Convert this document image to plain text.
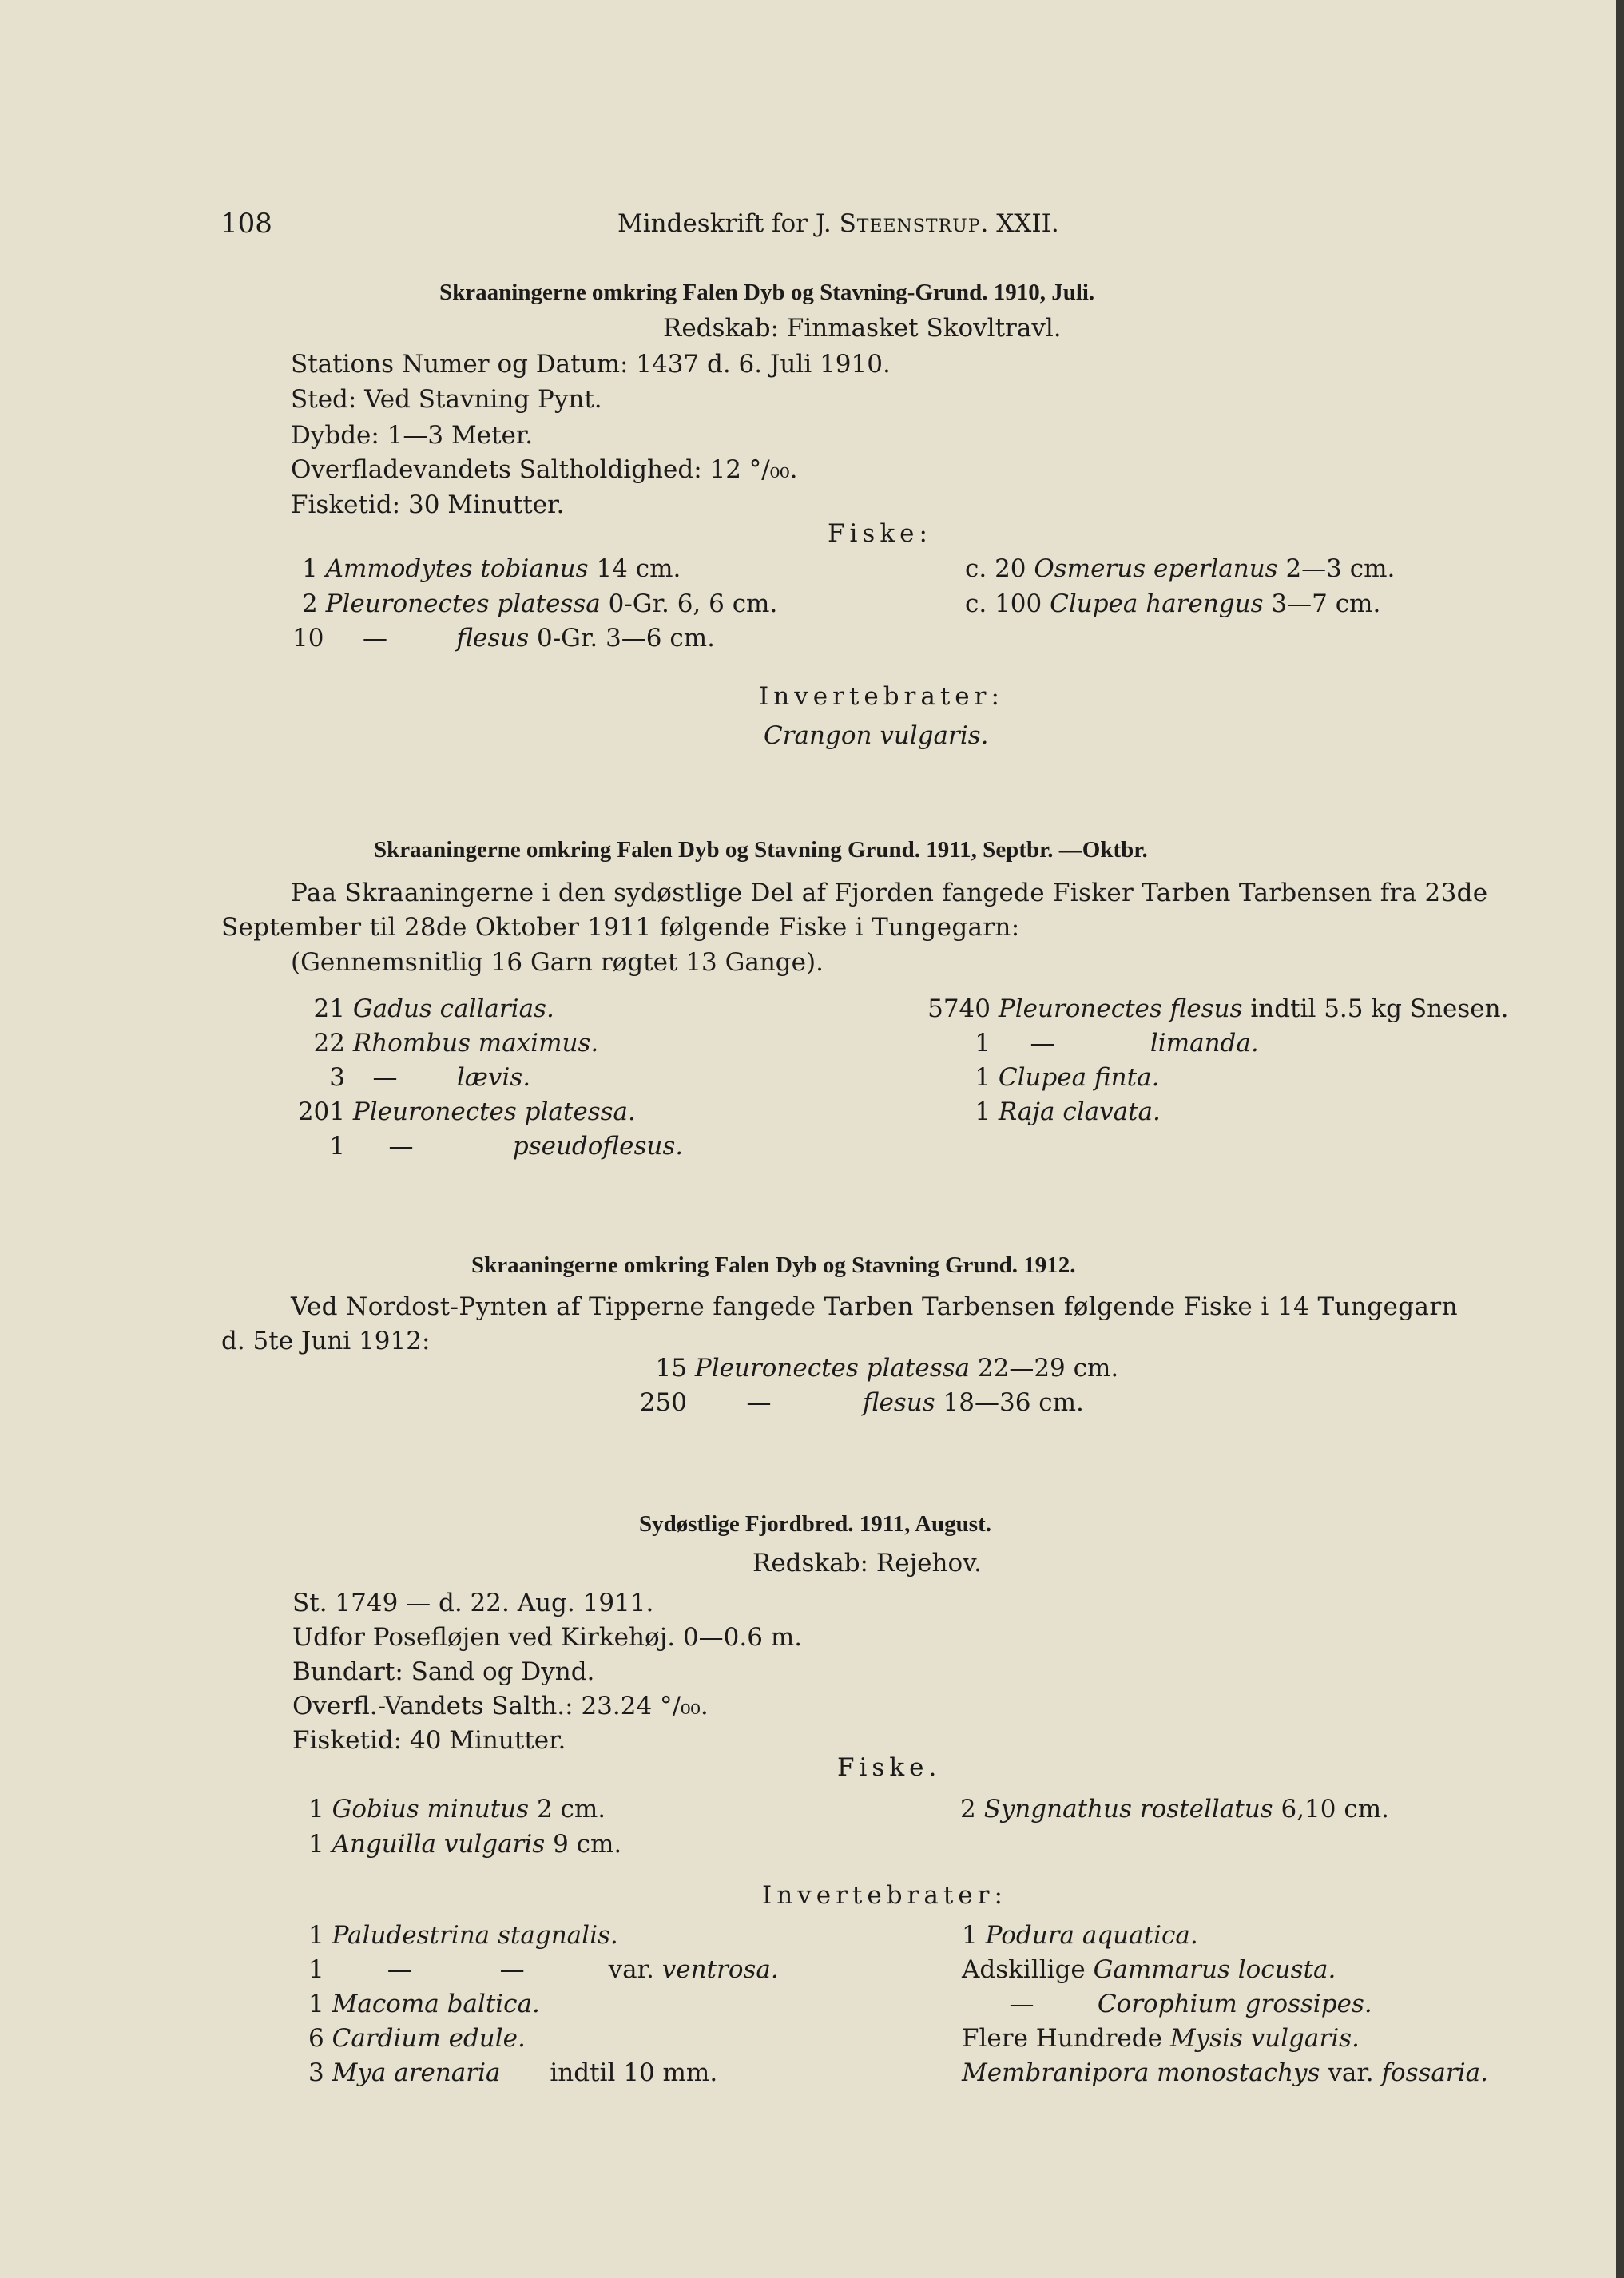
108	Mindeskrift for J. Steenstrup. XXII.
Skraaningerne omkring Falen Dyb og Stavning-Grund. 1910, Juli.
Redskab: Finmasket Skovltravl.
Stations Numer og Datum: 1437 d. 6. Juli 1910.
Sted: Ved Stavning Pynt.
Dybde: 1—3 Meter.
Overfladevandets Saltholdighed: 12 °/₀₀.
Fisketid: 30 Minutter.
Fiske:
1 Ammodytes tobianus 14 cm.
2 Pleuronectes platessa 0-Gr. 6, 6 cm.
10 —	flesus 0-Gr. 3—6 cm.
c. 20 Osmerus eperlanus 2—3 cm.
c. 100 Clupea harengus 3—7 cm.
Invertebrater:
Crangon vulgaris.
Skraaningerne omkring Falen Dyb og Stavning Grund. 1911, Septbr. —Oktbr.
Paa Skraaningerne i den sydøstlige Del af Fjorden fangede Fisker Tarben Tarbensen fra 23de
September til 28de Oktober 1911 følgende Fiske i Tungegarn:
(Gennemsnitlig 16 Garn røgtet 13 Gange).
21 Gadus callarias.
22 Rhombus maximus.
3 — lævis.
201 Pleuronectes platessa.
1 —	pseudoflesus.
5740 Pleuronectes flesus indtil 5.5 kg Snesen.
1 —	limanda.
1 Clupea finta.
1 Raja clavata.
Skraaningerne omkring Falen Dyb og Stavning Grund. 1912.
Ved Nordost-Pynten af Tipperne fangede Tarben Tarbensen følgende Fiske i 14 Tungegarn
d. 5te Juni 1912:
15 Pleuronectes platessa 22—29 cm.
250 —	flesus 18—36 cm.
Sydøstlige Fjordbred. 1911, August.
Redskab: Rejehov.
St. 1749 — d. 22. Aug. 1911.
Udfor Posefløjen ved Kirkehøj. 0—0.6 m.
Bundart: Sand og Dynd.
Overfl.-Vandets Salth.: 23.24 °/₀₀.
Fisketid: 40 Minutter.
Fiske.
1 Gobius minutus 2 cm.
1 Anguilla vulgaris 9 cm.
2 Syngnathus rostellatus 6,10 cm.
Invertebrater:
1 Paludestrina stagnalis.
1	— —	var. ventrosa.
1 Macoma baltica.
6 Cardium edule.
3 Mya arenaria indtil 10 mm.
1 Podura aquatica.
Adskillige Gammarus locusta.
—	Corophium grossipes.
Flere Hundrede Mysis vulgaris.
Membranipora monostachys var. fossaria.
